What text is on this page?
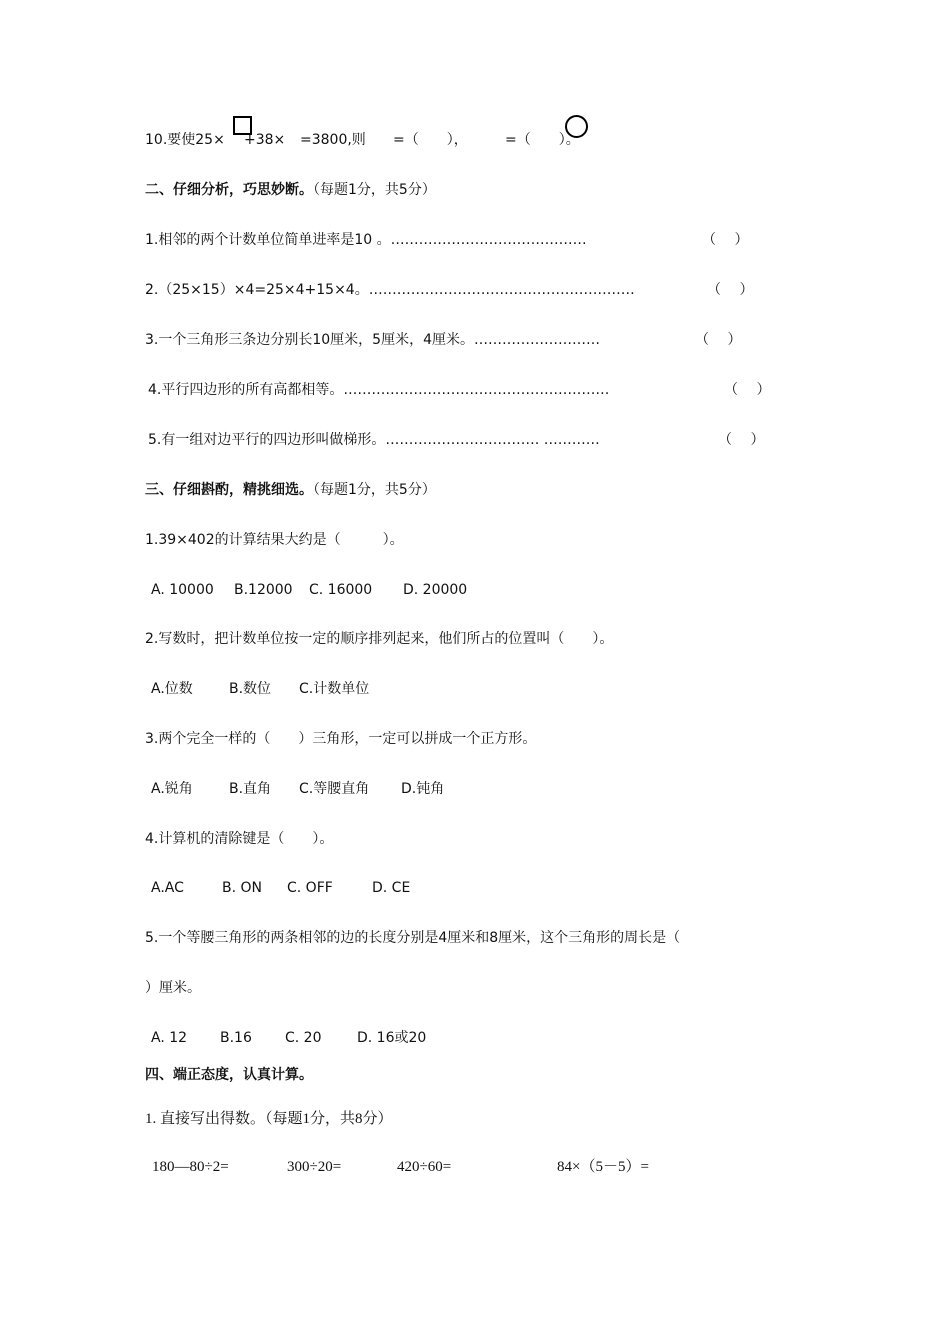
10.要使25× +38× =3800,则 =（　　），	=（　　）。
二、仔细分析，巧思妙断。（每题1分，共5分）
1.相邻的两个计数单位简单进率是10 。……………………………………	（　 ）
2.（25×15）×4=25×4+15×4。…………………………………………………	（　 ）
3.一个三角形三条边分别长10厘米，5厘米，4厘米。………………………	（　 ）
4.平行四边形的所有高都相等。…………………………………………………	（　 ）
5.有一组对边平行的四边形叫做梯形。…………………………… …………	（　 ）
三、仔细斟酌，精挑细选。（每题1分，共5分）
1.39×402的计算结果大约是（　　　）。
A. 10000 B.12000 C. 16000 D. 20000
2.写数时，把计数单位按一定的顺序排列起来，他们所占的位置叫（　　）。
A.位数	B.数位 C.计数单位
3.两个完全一样的（　　）三角形，一定可以拼成一个正方形。
A.锐角	B.直角 C.等腰直角 D.钝角
4.计算机的清除键是（　　）。
A.AC	B. ON C. OFF	D. CE
5.一个等腰三角形的两条相邻的边的长度分别是4厘米和8厘米，这个三角形的周长是（
）厘米。
A. 12 B.16 C. 20	D. 16或20
四、端正态度，认真计算。
1. 直接写出得数。（每题1分，共8分）
180—80÷2=	300÷20=	420÷60=	84×（5－5）=
